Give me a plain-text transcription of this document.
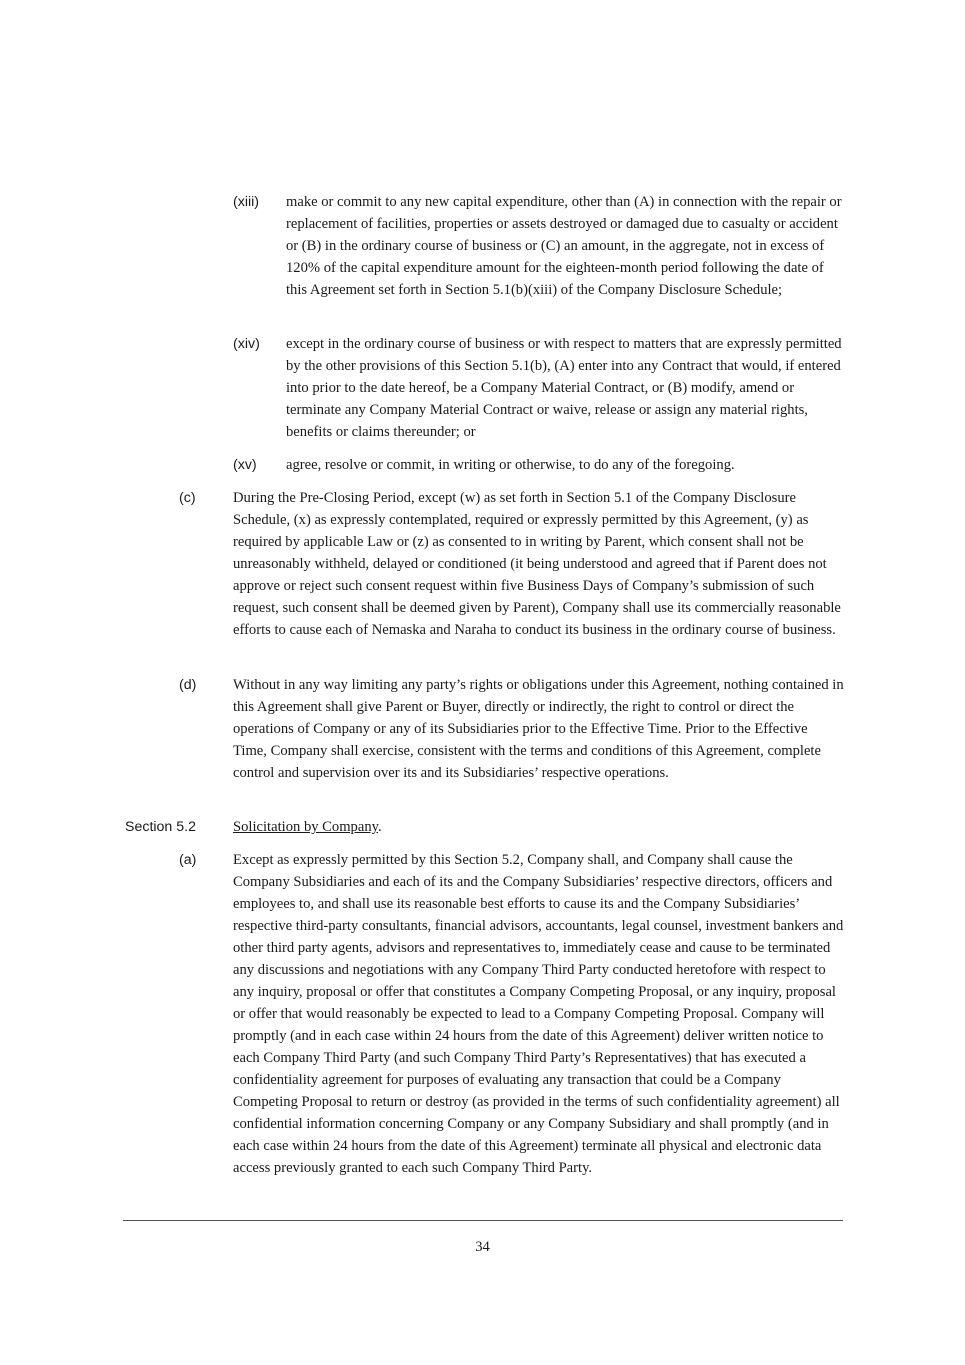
(xiii)	make or commit to any new capital expenditure, other than (A) in connection with the repair or replacement of facilities, properties or assets destroyed or damaged due to casualty or accident or (B) in the ordinary course of business or (C) an amount, in the aggregate, not in excess of 120% of the capital expenditure amount for the eighteen-month period following the date of this Agreement set forth in Section 5.1(b)(xiii) of the Company Disclosure Schedule;
(xiv)	except in the ordinary course of business or with respect to matters that are expressly permitted by the other provisions of this Section 5.1(b), (A) enter into any Contract that would, if entered into prior to the date hereof, be a Company Material Contract, or (B) modify, amend or terminate any Company Material Contract or waive, release or assign any material rights, benefits or claims thereunder; or
(xv)	agree, resolve or commit, in writing or otherwise, to do any of the foregoing.
(c)	During the Pre-Closing Period, except (w) as set forth in Section 5.1 of the Company Disclosure Schedule, (x) as expressly contemplated, required or expressly permitted by this Agreement, (y) as required by applicable Law or (z) as consented to in writing by Parent, which consent shall not be unreasonably withheld, delayed or conditioned (it being understood and agreed that if Parent does not approve or reject such consent request within five Business Days of Company’s submission of such request, such consent shall be deemed given by Parent), Company shall use its commercially reasonable efforts to cause each of Nemaska and Naraha to conduct its business in the ordinary course of business.
(d)	Without in any way limiting any party’s rights or obligations under this Agreement, nothing contained in this Agreement shall give Parent or Buyer, directly or indirectly, the right to control or direct the operations of Company or any of its Subsidiaries prior to the Effective Time. Prior to the Effective Time, Company shall exercise, consistent with the terms and conditions of this Agreement, complete control and supervision over its and its Subsidiaries’ respective operations.
Section 5.2	Solicitation by Company.
(a)	Except as expressly permitted by this Section 5.2, Company shall, and Company shall cause the Company Subsidiaries and each of its and the Company Subsidiaries’ respective directors, officers and employees to, and shall use its reasonable best efforts to cause its and the Company Subsidiaries’ respective third-party consultants, financial advisors, accountants, legal counsel, investment bankers and other third party agents, advisors and representatives to, immediately cease and cause to be terminated any discussions and negotiations with any Company Third Party conducted heretofore with respect to any inquiry, proposal or offer that constitutes a Company Competing Proposal, or any inquiry, proposal or offer that would reasonably be expected to lead to a Company Competing Proposal. Company will promptly (and in each case within 24 hours from the date of this Agreement) deliver written notice to each Company Third Party (and such Company Third Party’s Representatives) that has executed a confidentiality agreement for purposes of evaluating any transaction that could be a Company Competing Proposal to return or destroy (as provided in the terms of such confidentiality agreement) all confidential information concerning Company or any Company Subsidiary and shall promptly (and in each case within 24 hours from the date of this Agreement) terminate all physical and electronic data access previously granted to each such Company Third Party.
34
